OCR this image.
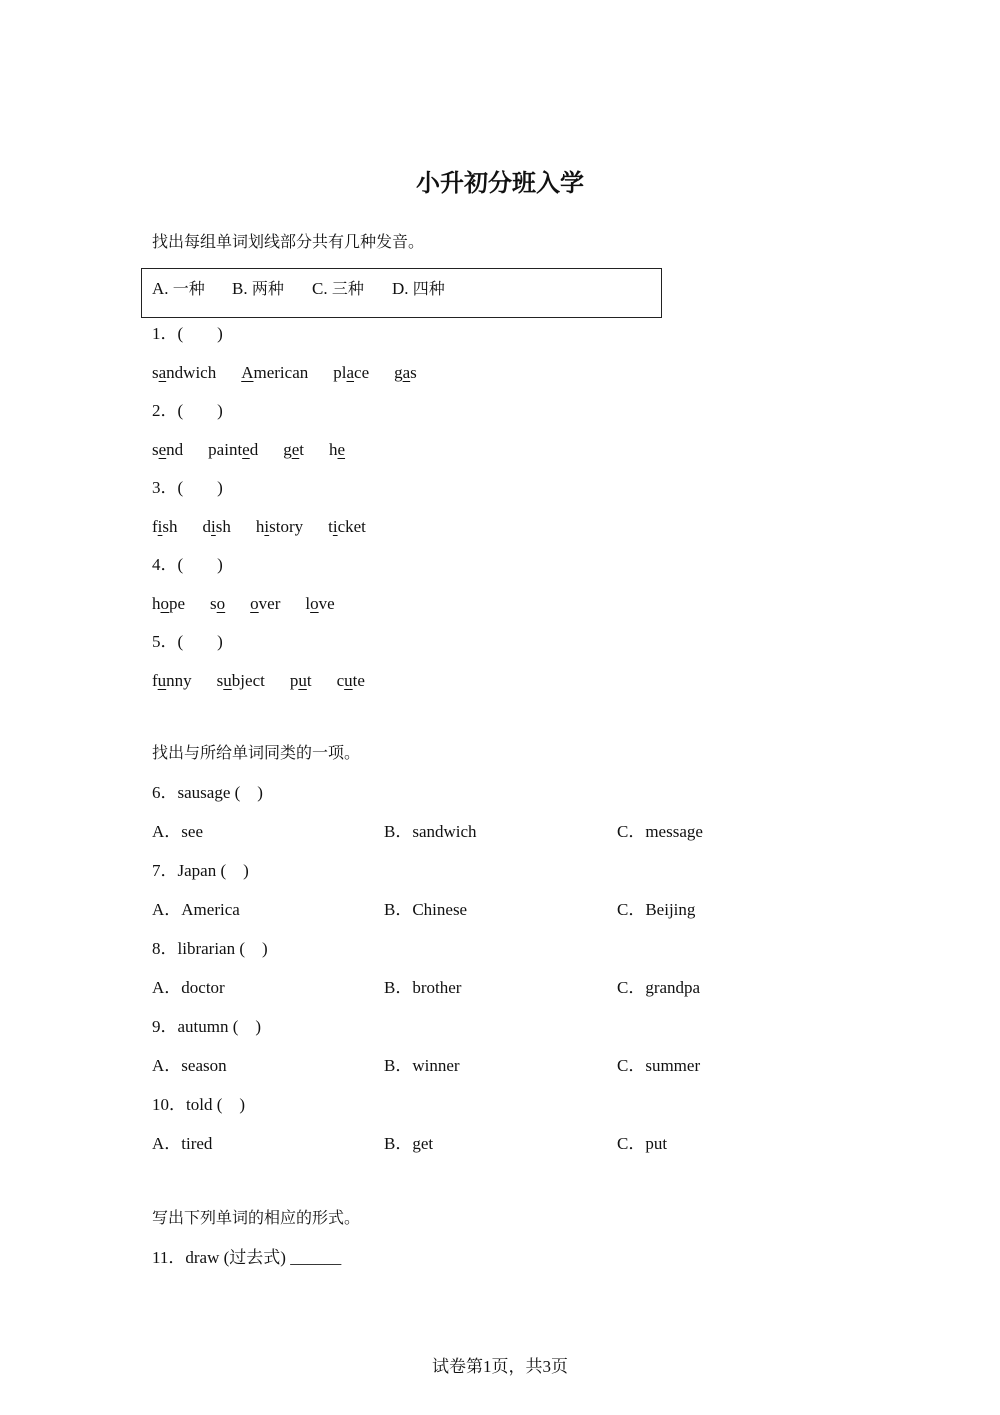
小升初分班入学
找出每组单词划线部分共有几种发音。
A. 一种 B. 两种 C. 三种 D. 四种
1．(　　)
sandwich American place gas
2．(　　)
send painted get he
3．(　　)
fish dish history ticket
4．(　　)
hope so over love
5．(　　)
funny subject put cute
找出与所给单词同类的一项。
6．sausage (　)
A．see	B．sandwich	C．message
7．Japan (　)
A．America	B．Chinese	C．Beijing
8．librarian (　)
A．doctor	B．brother	C．grandpa
9．autumn (　)
A．season	B．winner	C．summer
10．told (　)
A．tired	B．get	C．put
写出下列单词的相应的形式。
11．draw (过去式) ______
试卷第1页，共3页
